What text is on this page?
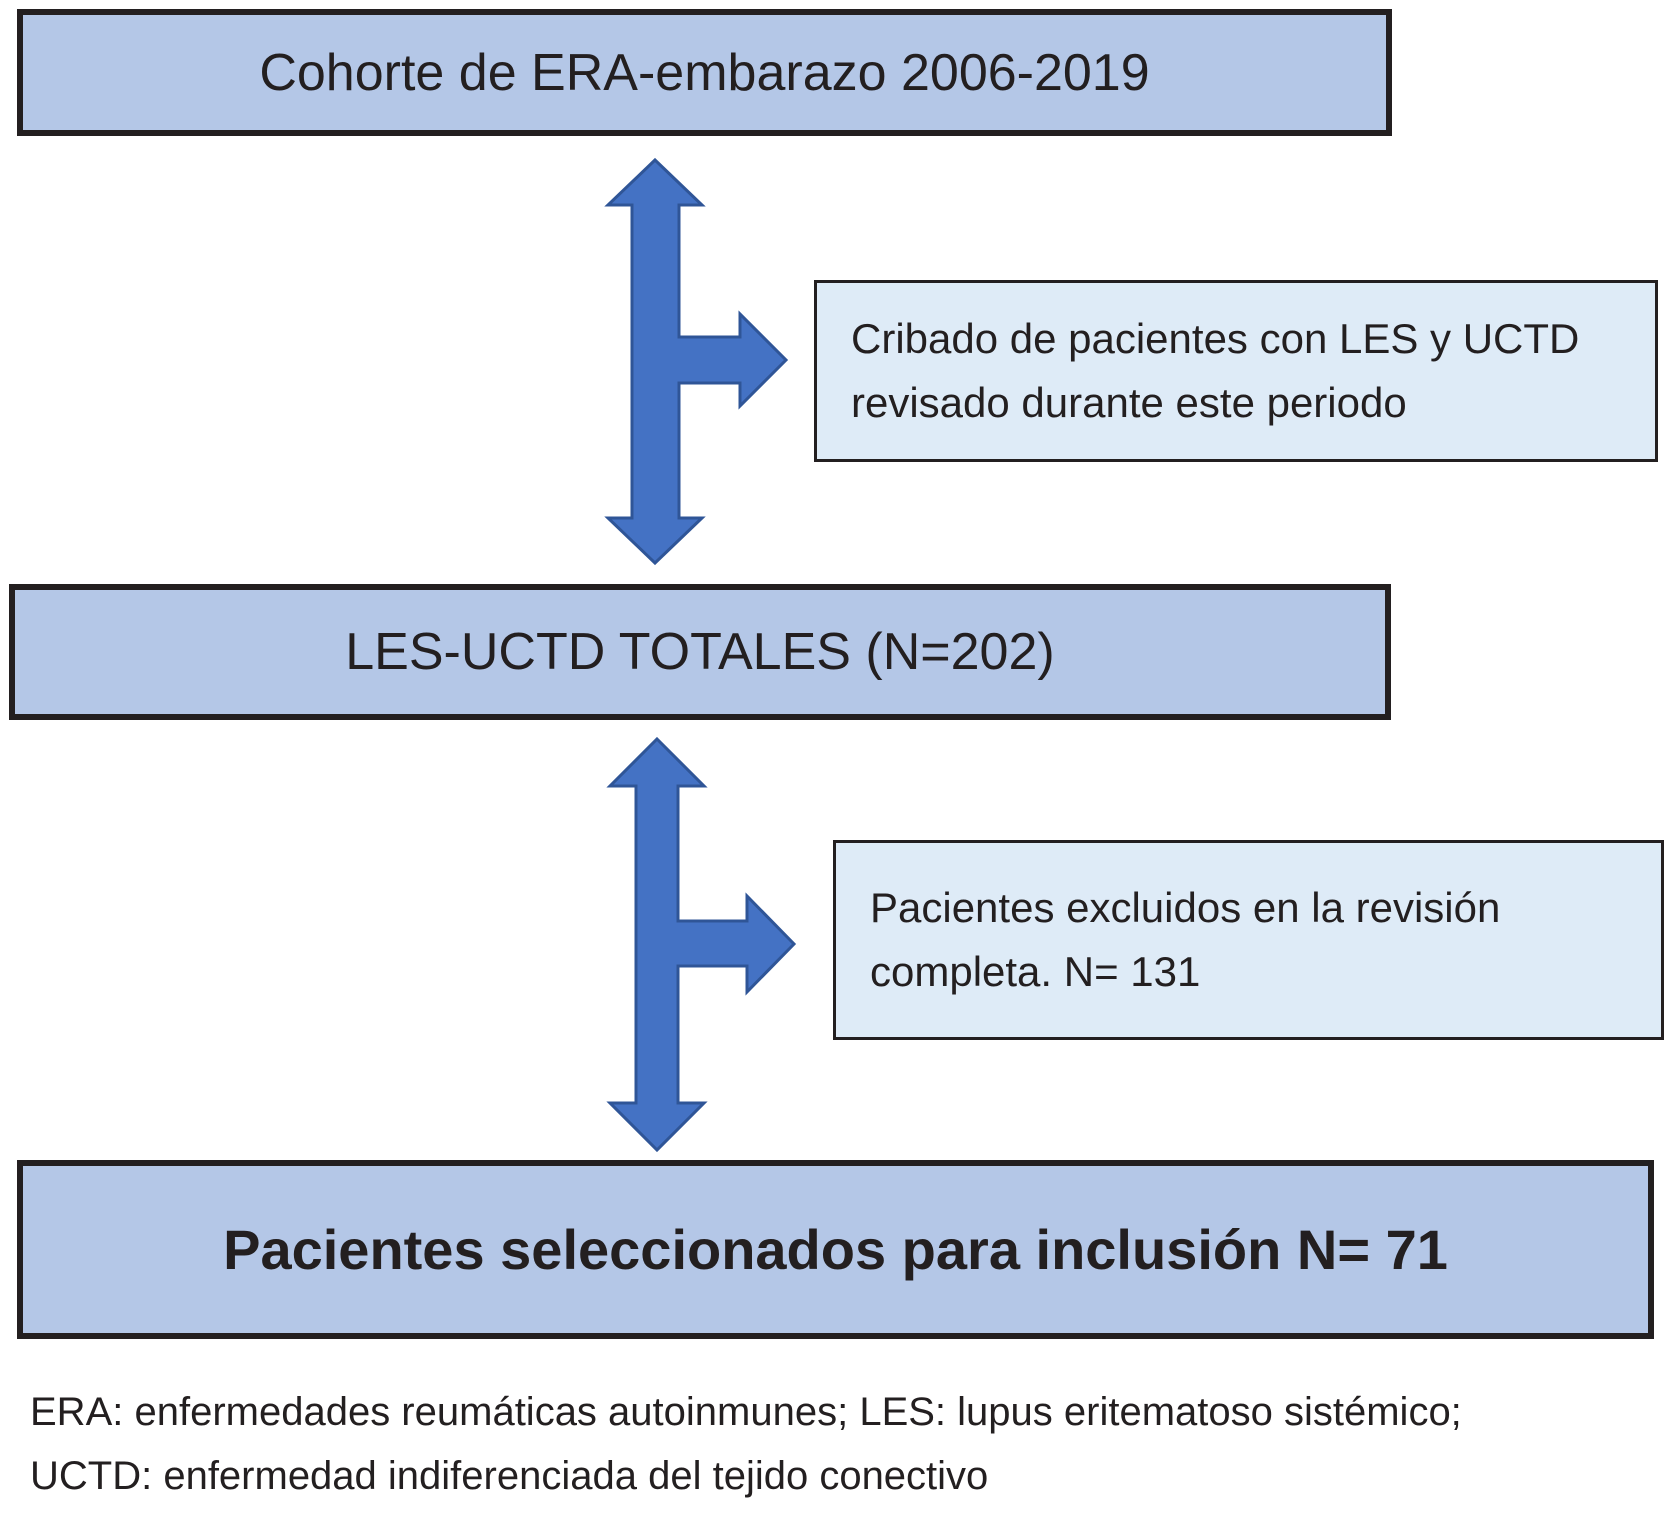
Cohorte de ERA-embarazo 2006-2019
Cribado de pacientes con LES y UCTD
revisado durante este periodo
LES-UCTD TOTALES (N=202)
Pacientes excluidos en la revisión
completa. N= 131
Pacientes seleccionados para inclusión N= 71
ERA: enfermedades reumáticas autoinmunes; LES: lupus eritematoso sistémico;
UCTD: enfermedad indiferenciada del tejido conectivo
